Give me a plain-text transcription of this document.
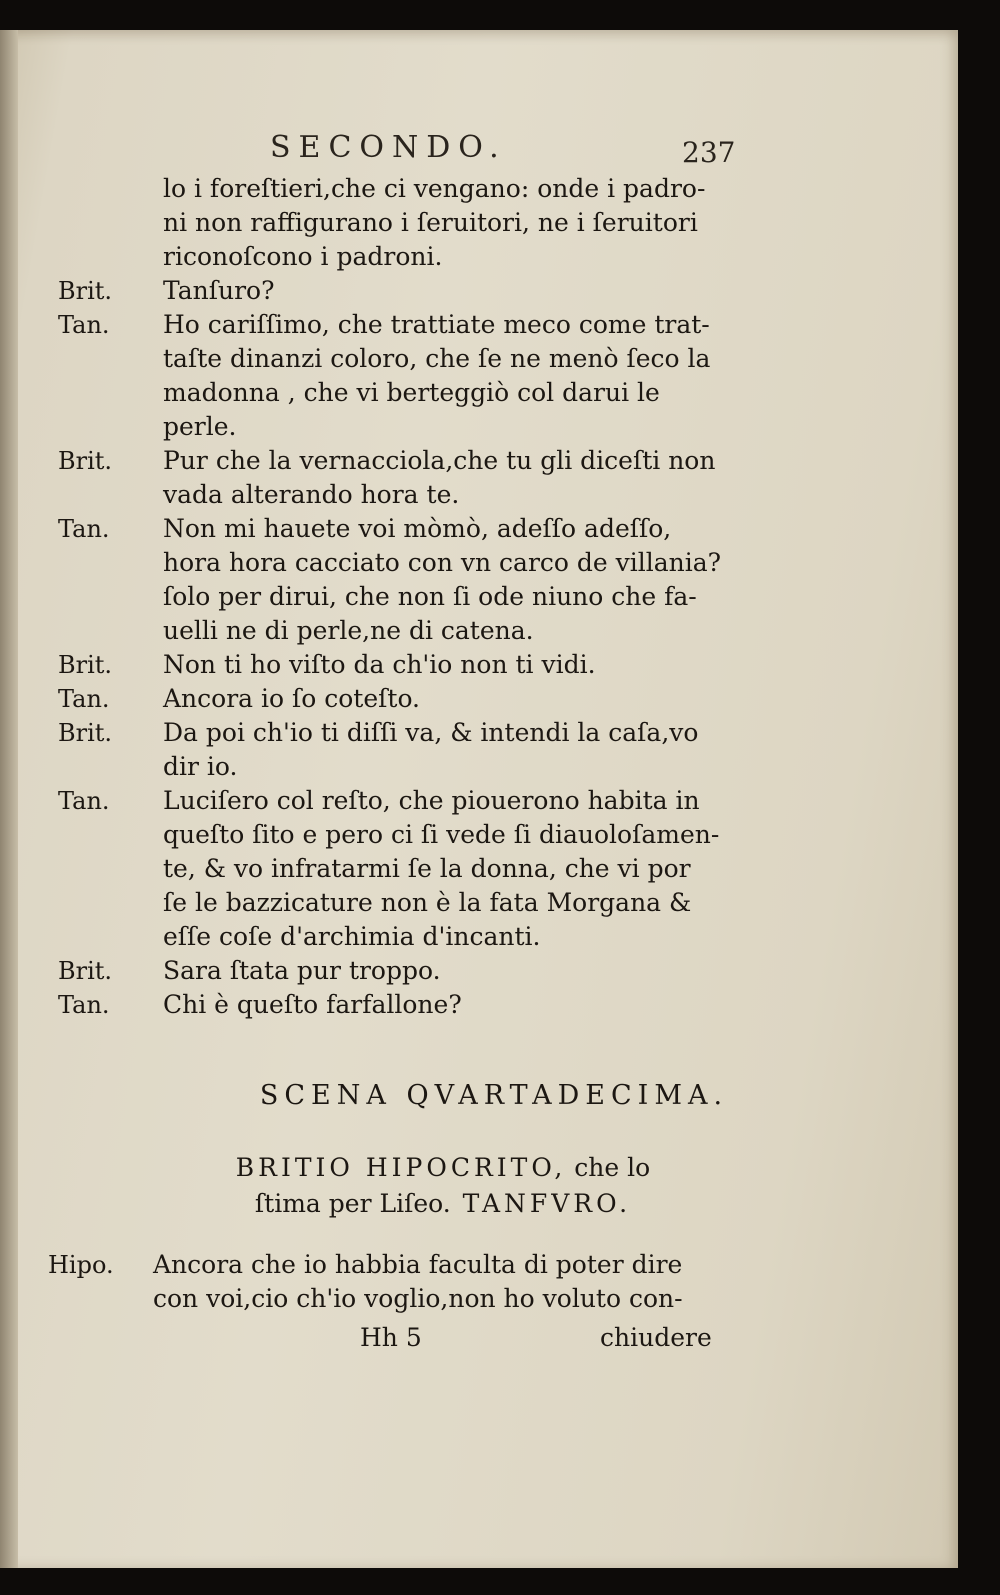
SECONDO.	237
lo i foreſtieri,che ci vengano: onde i padro-
ni non raffigurano i ſeruitori, ne i ſeruitori
riconoſcono i padroni.
Brit. Tanſuro?
Tan. Ho cariſſimo, che trattiate meco come trat-
taſte dinanzi coloro, che ſe ne menò ſeco la
madonna , che vi berteggiò col darui le
perle.
Brit. Pur che la vernacciola,che tu gli diceſti non
vada alterando hora te.
Tan. Non mi hauete voi mòmò, adeſſo adeſſo,
hora hora cacciato con vn carco de villania?
ſolo per dirui, che non ſi ode niuno che fa-
uelli ne di perle,ne di catena.
Brit. Non ti ho viſto da ch'io non ti vidi.
Tan. Ancora io ſo coteſto.
Brit. Da poi ch'io ti diſſi va, & intendi la caſa,vo
dir io.
Tan. Luciſero col reſto, che piouerono habita in
queſto ſito e pero ci ſi vede ſi diauoloſamen-
te, & vo infratarmi ſe la donna, che vi por
ſe le bazzicature non è la fata Morgana &
eſſe coſe d'archimia d'incanti.
Brit. Sara ſtata pur troppo.
Tan. Chi è queſto farfallone?
SCENA QVARTADECIMA.
BRITIO HIPOCRITO, che lo
ſtima per Liſeo. TANFVRO.
Hipo. Ancora che io habbia faculta di poter dire
con voi,cio ch'io voglio,non ho voluto con-
Hh 5	chiudere
